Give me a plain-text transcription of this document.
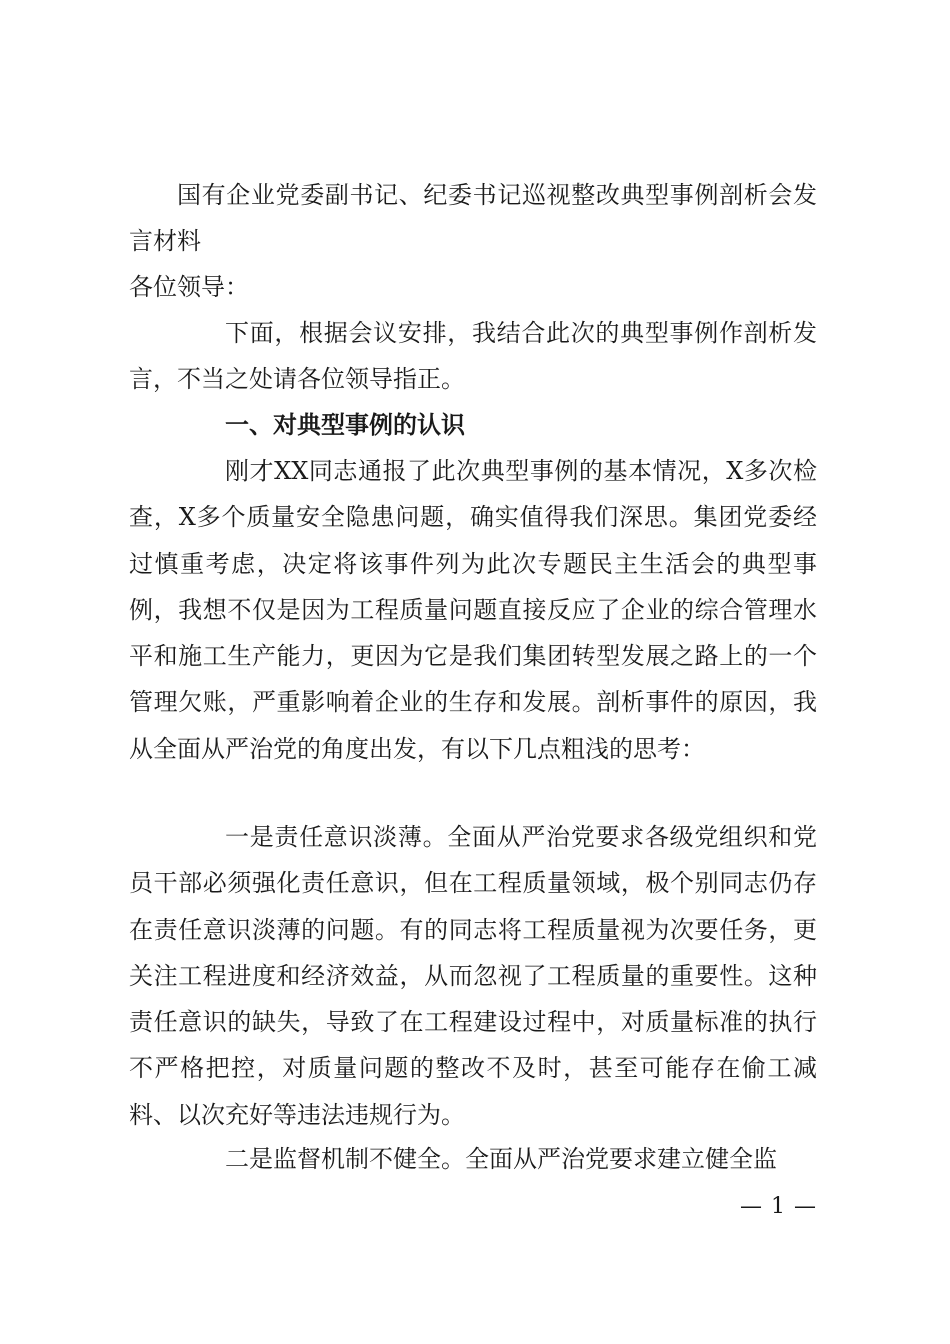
国有企业党委副书记、纪委书记巡视整改典型事例剖析会发言材料
各位领导：
下面，根据会议安排，我结合此次的典型事例作剖析发言，不当之处请各位领导指正。
一、对典型事例的认识
刚才XX同志通报了此次典型事例的基本情况，X多次检查，X多个质量安全隐患问题，确实值得我们深思。集团党委经过慎重考虑，决定将该事件列为此次专题民主生活会的典型事例，我想不仅是因为工程质量问题直接反应了企业的综合管理水平和施工生产能力，更因为它是我们集团转型发展之路上的一个管理欠账，严重影响着企业的生存和发展。剖析事件的原因，我从全面从严治党的角度出发，有以下几点粗浅的思考：
一是责任意识淡薄。全面从严治党要求各级党组织和党员干部必须强化责任意识，但在工程质量领域，极个别同志仍存在责任意识淡薄的问题。有的同志将工程质量视为次要任务，更关注工程进度和经济效益，从而忽视了工程质量的重要性。这种责任意识的缺失，导致了在工程建设过程中，对质量标准的执行不严格把控，对质量问题的整改不及时，甚至可能存在偷工减料、以次充好等违法违规行为。
二是监督机制不健全。全面从严治党要求建立健全监
— 1 —
